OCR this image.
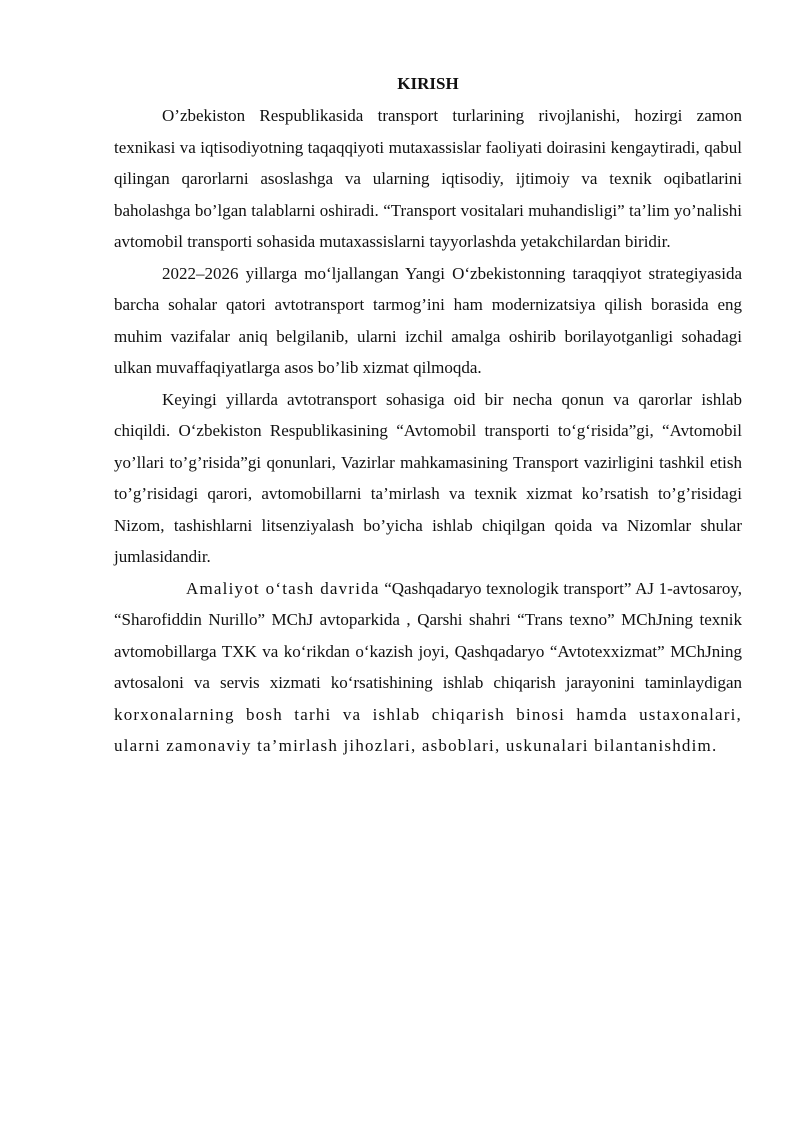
KIRISH

O’zbekiston Respublikasida transport turlarining rivojlanishi, hozirgi zamon texnikasi va iqtisodiyotning taqaqqiyoti mutaxassislar faoliyati doirasini kengaytiradi, qabul qilingan qarorlarni asoslashga va ularning iqtisodiy, ijtimoiy va texnik oqibatlarini baholashga bo’lgan talablarni oshiradi. “Transport vositalari muhandisligi” ta’lim yo’nalishi avtomobil transporti sohasida mutaxassislarni tayyorlashda yetakchilardan biridir.

2022–2026 yillarga mo‘ljallangan Yangi O‘zbekistonning taraqqiyot strategiyasida barcha sohalar qatori avtotransport tarmog’ini ham modernizatsiya qilish borasida eng muhim vazifalar aniq belgilanib, ularni izchil amalga oshirib borilayotganligi sohadagi ulkan muvaffaqiyatlarga asos bo’lib xizmat qilmoqda.

Keyingi yillarda avtotransport sohasiga oid bir necha qonun va qarorlar ishlab chiqildi. O‘zbekiston Respublikasining “Avtomobil transporti to‘g‘risida”gi, “Avtomobil yo’llari to’g’risida”gi qonunlari, Vazirlar mahkamasining Transport vazirligini tashkil etish to’g’risidagi qarori, avtomobillarni ta’mirlash va texnik xizmat ko’rsatish to’g’risidagi Nizom, tashishlarni litsenziyalash bo’yicha ishlab chiqilgan qoida va Nizomlar shular jumlasidandir.

Amaliyot o‘tash davrida “Qashqadaryo texnologik transport” AJ 1-avtosaroy, “Sharofiddin Nurillo” MChJ avtoparkida , Qarshi shahri “Trans texno” MChJning texnik avtomobillarga TXK va ko‘rikdan o‘kazish joyi, Qashqadaryo “Avtotexxizmat” MChJning avtosaloni va servis xizmati ko‘rsatishining ishlab chiqarish jarayonini taminlaydigan korxonalarning bosh tarhi va ishlab chiqarish binosi hamda ustaxonalari, ularni zamonaviy ta’mirlash jihozlari, asboblari, uskunalari bilantanishdim.
